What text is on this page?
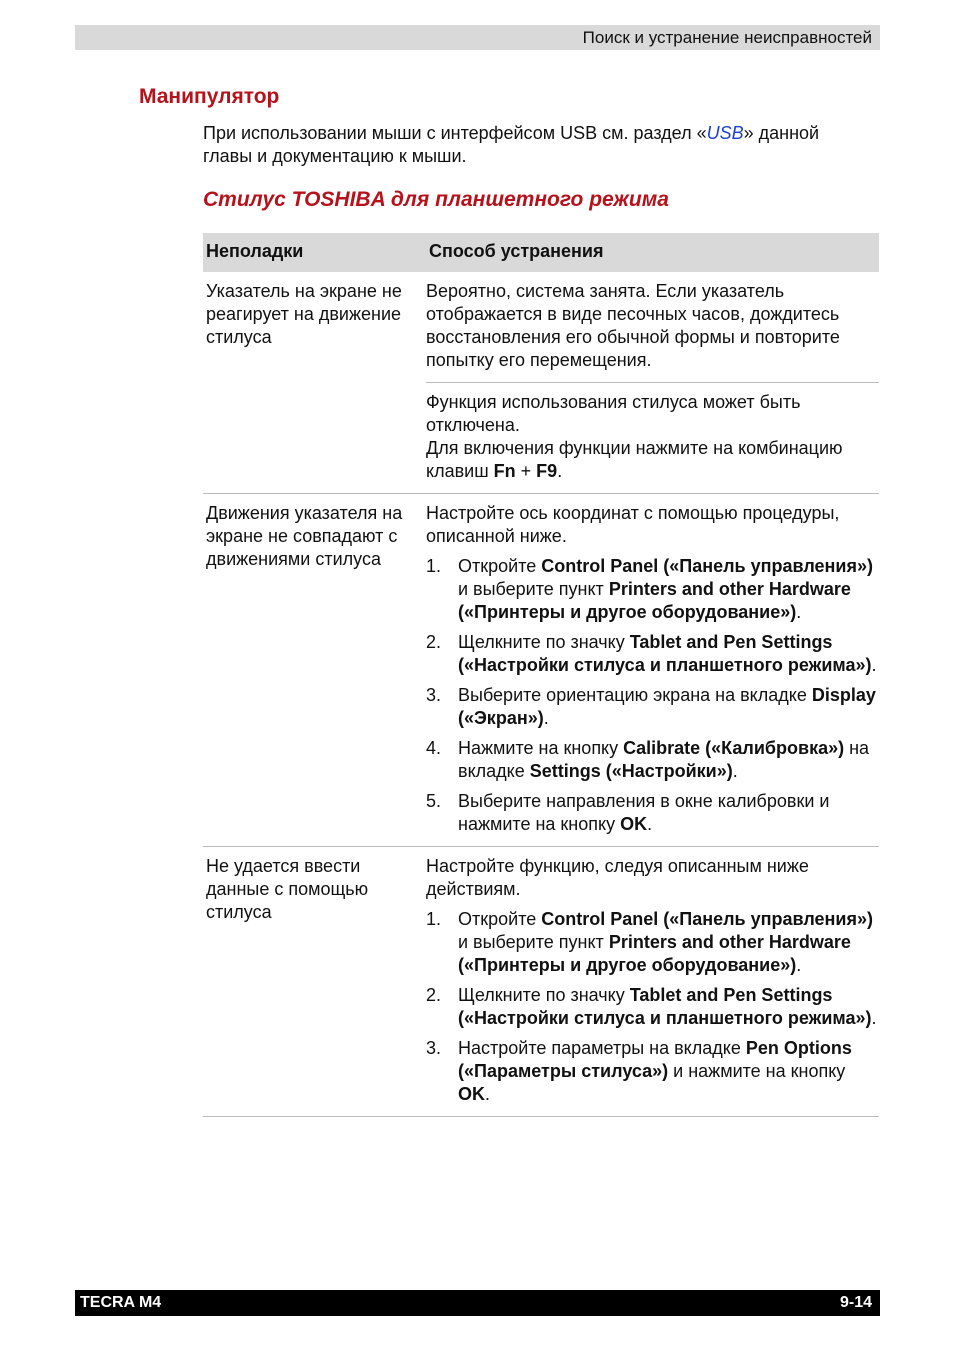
Поиск и устранение неисправностей
Манипулятор
При использовании мыши с интерфейсом USB см. раздел «USB» данной главы и документацию к мыши.
Стилус TOSHIBA для планшетного режима
Неполадки	Способ устранения
Указатель на экране не реагирует на движение стилуса
Вероятно, система занята. Если указатель отображается в виде песочных часов, дождитесь восстановления его обычной формы и повторите попытку его перемещения.
Функция использования стилуса может быть отключена.
Для включения функции нажмите на комбинацию клавиш Fn + F9.
Движения указателя на экране не совпадают с движениями стилуса
Настройте ось координат с помощью процедуры, описанной ниже.
1. Откройте Control Panel («Панель управления») и выберите пункт Printers and other Hardware («Принтеры и другое оборудование»).
2. Щелкните по значку Tablet and Pen Settings («Настройки стилуса и планшетного режима»).
3. Выберите ориентацию экрана на вкладке Display («Экран»).
4. Нажмите на кнопку Calibrate («Калибровка») на вкладке Settings («Настройки»).
5. Выберите направления в окне калибровки и нажмите на кнопку OK.
Не удается ввести данные с помощью стилуса
Настройте функцию, следуя описанным ниже действиям.
1. Откройте Control Panel («Панель управления») и выберите пункт Printers and other Hardware («Принтеры и другое оборудование»).
2. Щелкните по значку Tablet and Pen Settings («Настройки стилуса и планшетного режима»).
3. Настройте параметры на вкладке Pen Options («Параметры стилуса») и нажмите на кнопку OK.
TECRA M4	9-14
